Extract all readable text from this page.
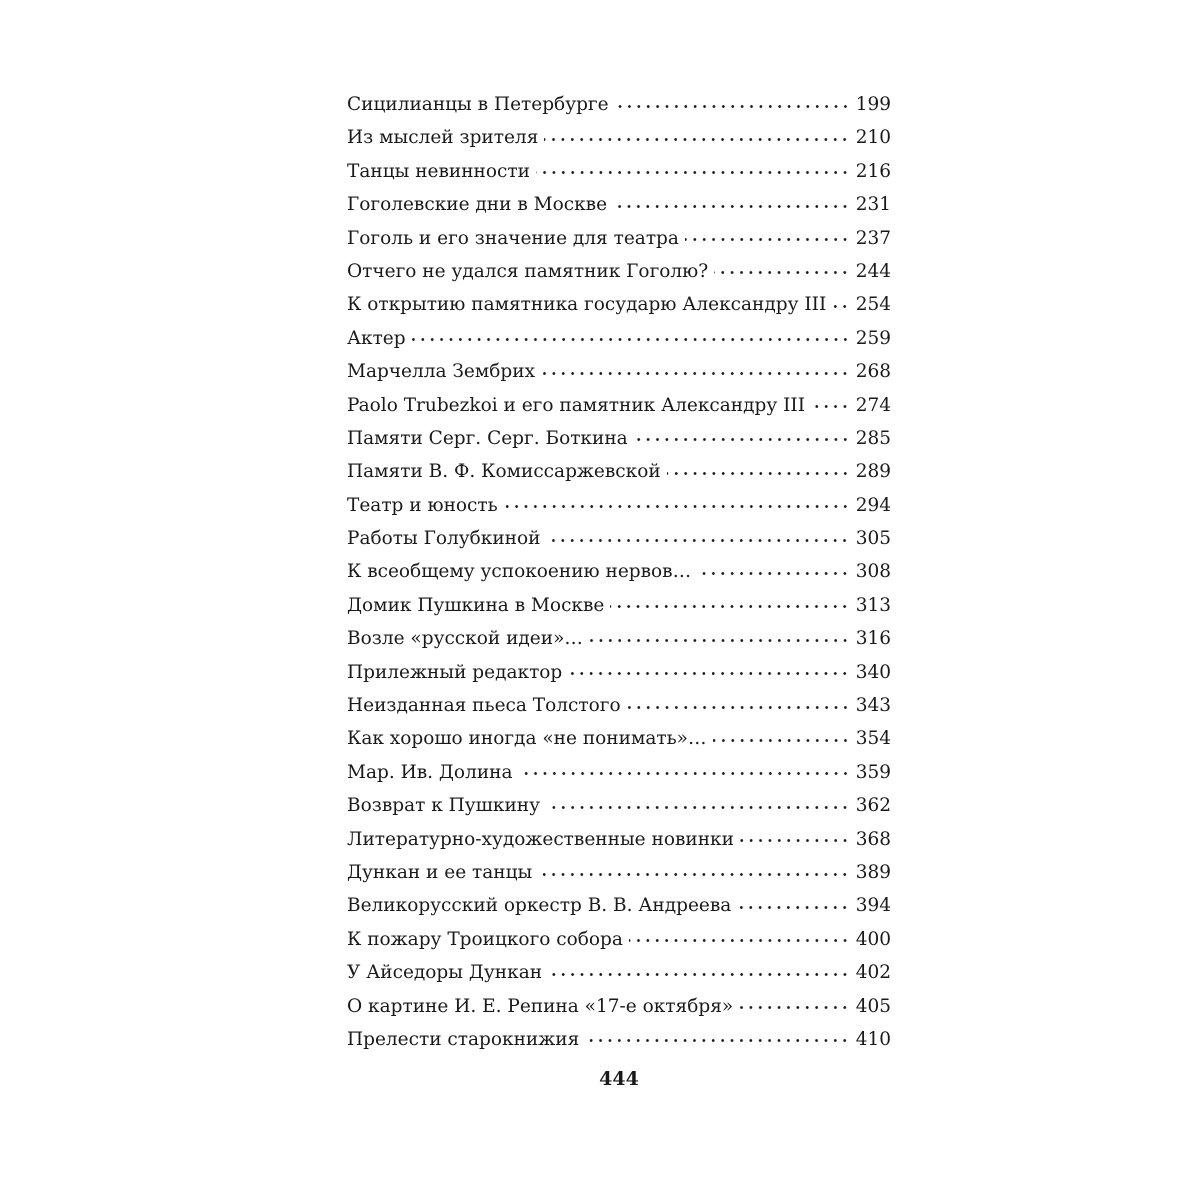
Сицилианцы в Петербурге	199
Из мыслей зрителя	210
Танцы невинности	216
Гоголевские дни в Москве	231
Гоголь и его значение для театра	237
Отчего не удался памятник Гоголю?	244
К открытию памятника государю Александру III 254
Актер	259
Марчелла Зембрих	268
Paolo Trubezkoi и его памятник Александру III	274
Памяти Серг. Серг. Боткина	285
Памяти В. Ф. Комиссаржевской	289
Театр и юность	294
Работы Голубкиной	305
К всеобщему успокоению нервов…	308
Домик Пушкина в Москве	313
Возле «русской идеи»…	316
Прилежный редактор	340
Неизданная пьеса Толстого	343
Как хорошо иногда «не понимать»…	354
Мар. Ив. Долина	359
Возврат к Пушкину	362
Литературно-художественные новинки	368
Дункан и ее танцы	389
Великорусский оркестр В. В. Андреева	394
К пожару Троицкого собора	400
У Айседоры Дункан	402
О картине И. Е. Репина «17-е октября»	405
Прелести старокнижия	410
444
